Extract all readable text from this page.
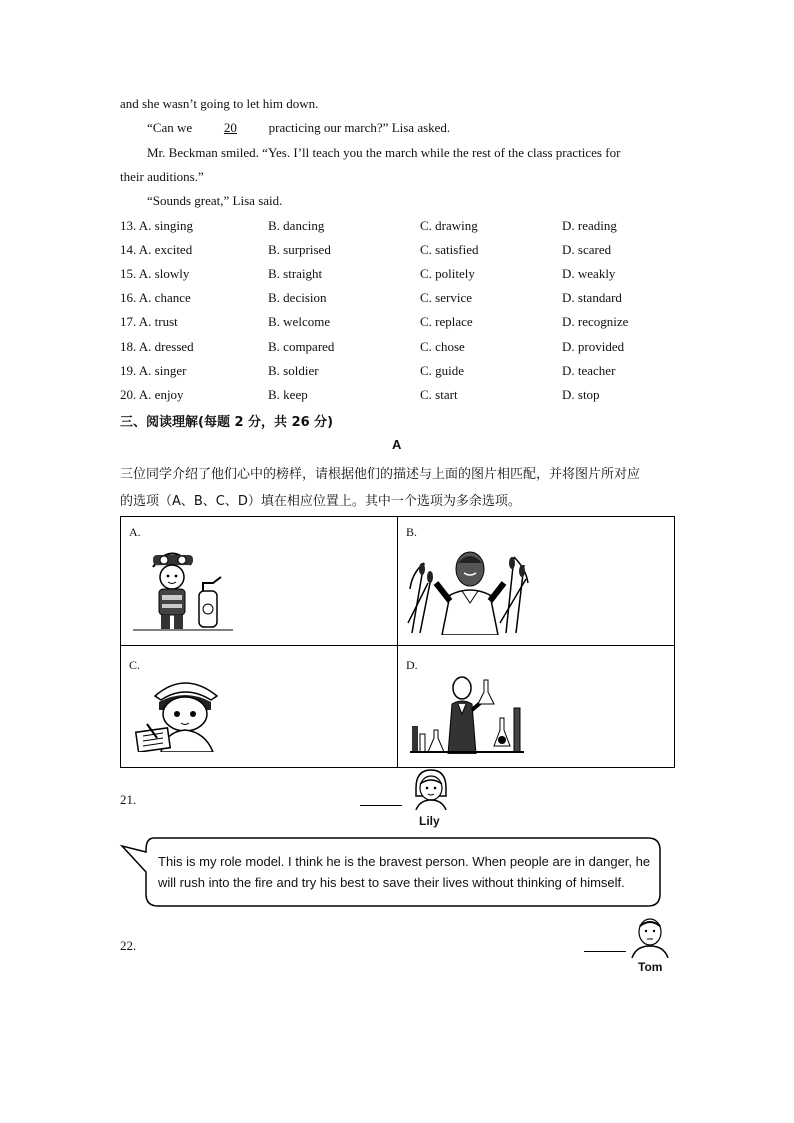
and she wasn’t going to let him down.
“Can we 20 practicing our march?” Lisa asked.
Mr. Beckman smiled. “Yes. I’ll teach you the march while the rest of the class practices for
their auditions.”
“Sounds great,” Lisa said.
13. A. singing	B. dancing	C. drawing	D. reading
14. A. excited	B. surprised	C. satisfied	D. scared
15. A. slowly	B. straight	C. politely	D. weakly
16. A. chance	B. decision	C. service	D. standard
17. A. trust	B. welcome	C. replace	D. recognize
18. A. dressed	B. compared	C. chose	D. provided
19. A. singer	B. soldier	C. guide	D. teacher
20. A. enjoy	B. keep	C. start	D. stop
三、阅读理解(每题 2 分，共 26 分)
A
三位同学介绍了他们心中的榜样，请根据他们的描述与上面的图片相匹配，并将图片所对应
的选项（A、B、C、D）填在相应位置上。其中一个选项为多余选项。
A.	B.

C.	D.
21.
Lily
This is my role model. I think he is the bravest person. When people are in danger, he
will rush into the fire and try his best to save their lives without thinking of himself.
22.
Tom
